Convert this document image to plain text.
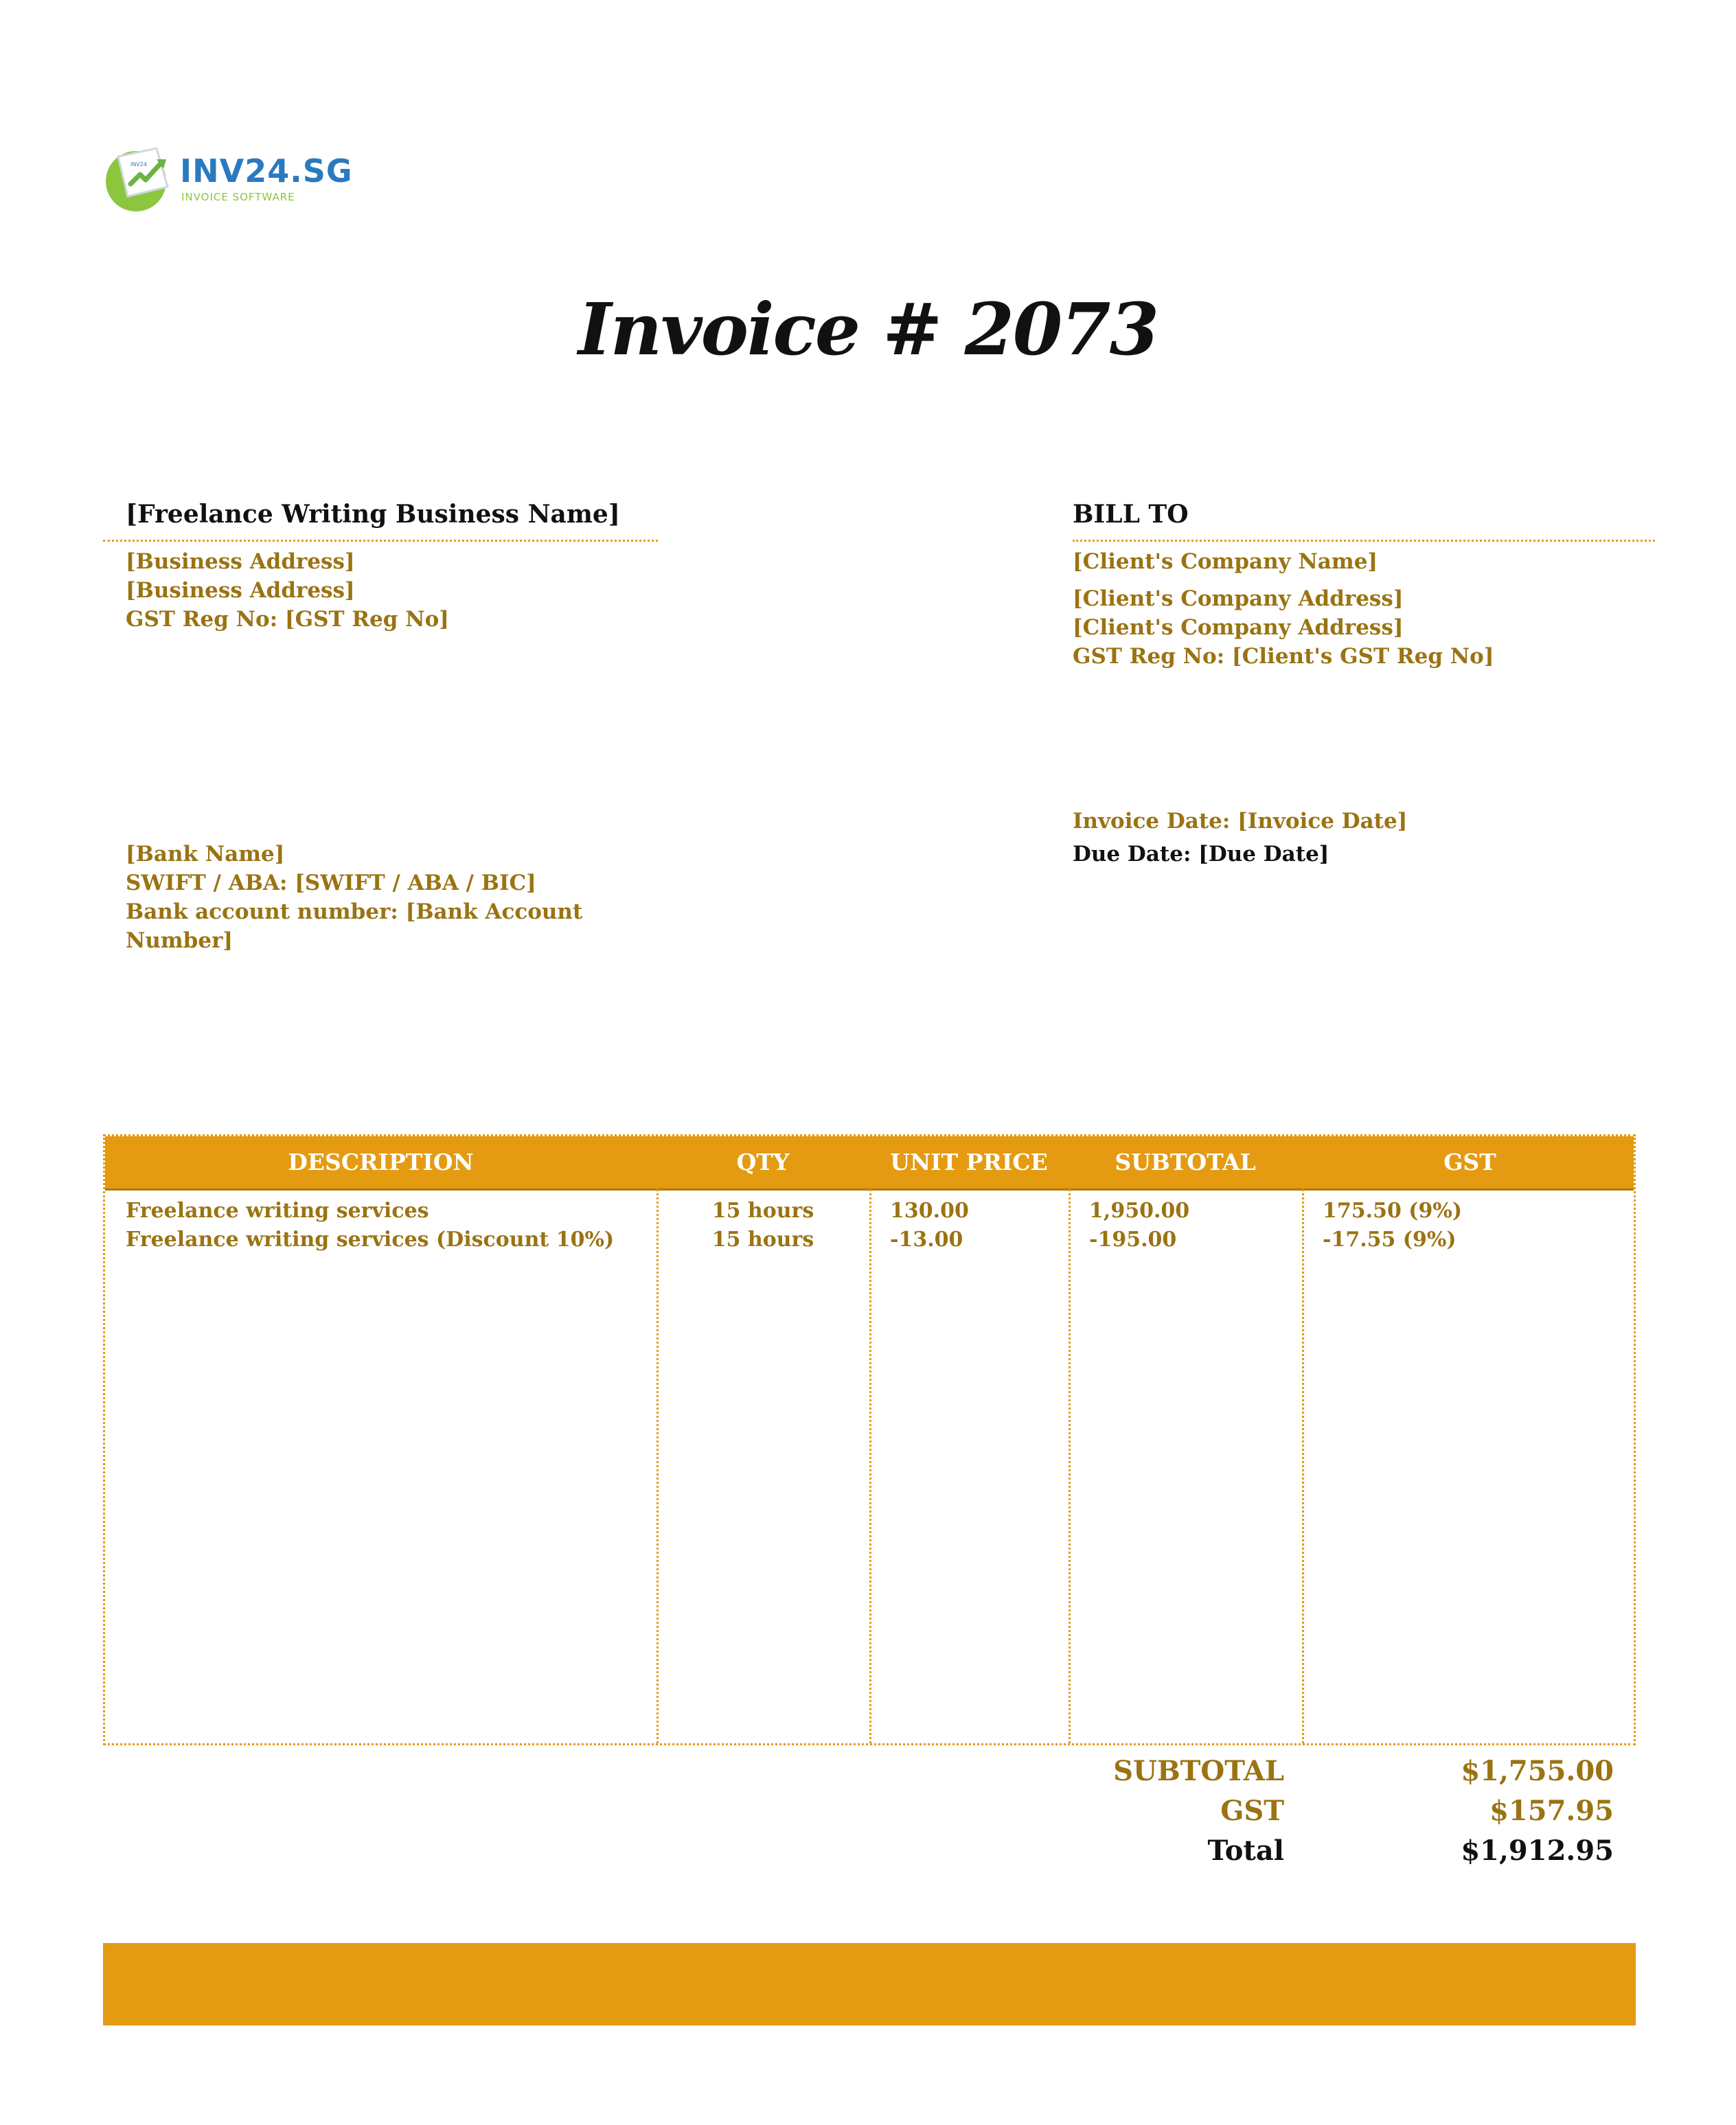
INV24 INV24.SG
INVOICE SOFTWARE
Invoice # 2073
[Freelance Writing Business Name]
[Business Address]
[Business Address]
GST Reg No: [GST Reg No]
BILL TO
[Client's Company Name]
[Client's Company Address]
[Client's Company Address]
GST Reg No: [Client's GST Reg No]
Invoice Date: [Invoice Date]
Due Date: [Due Date]
[Bank Name]
SWIFT / ABA: [SWIFT / ABA / BIC]
Bank account number: [Bank Account
Number]
DESCRIPTION	QTY	UNIT PRICE	SUBTOTAL	GST
Freelance writing services	15 hours	130.00	1,950.00	175.50 (9%)
Freelance writing services (Discount 10%)	15 hours	-13.00	-195.00	-17.55 (9%)
SUBTOTAL	$1,755.00
GST	$157.95
Total	$1,912.95
